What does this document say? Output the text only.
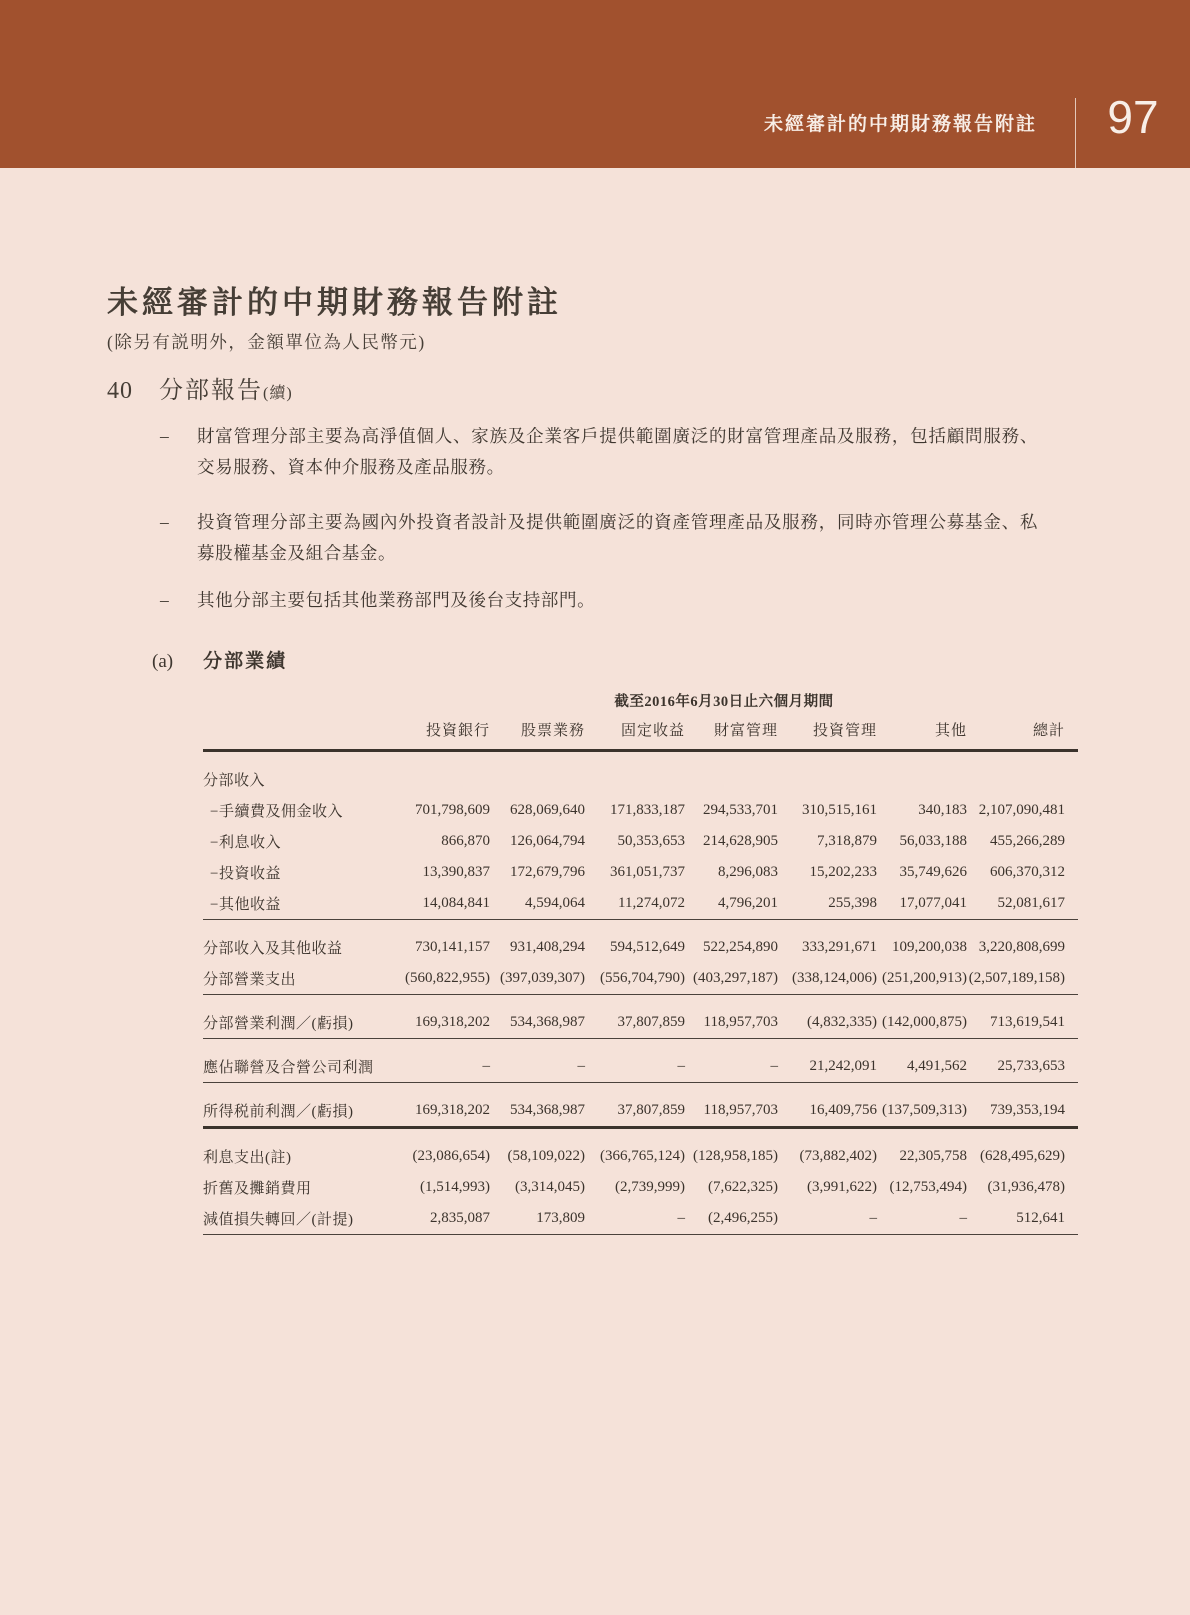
未經審計的中期財務報告附註	97
未經審計的中期財務報告附註
(除另有説明外，金額單位為人民幣元)
40 分部報告(續)
–	財富管理分部主要為高淨值個人、家族及企業客戶提供範圍廣泛的財富管理產品及服務，包括顧問服務、交易服務、資本仲介服務及產品服務。
–	投資管理分部主要為國內外投資者設計及提供範圍廣泛的資產管理產品及服務，同時亦管理公募基金、私募股權基金及組合基金。
–	其他分部主要包括其他業務部門及後台支持部門。
(a) 分部業績
截至2016年6月30日止六個月期間
	投資銀行	股票業務	固定收益	財富管理	投資管理	其他	總計

分部收入							
−手續費及佣金收入	701,798,609	628,069,640	171,833,187	294,533,701	310,515,161	340,183	2,107,090,481
−利息收入	866,870	126,064,794	50,353,653	214,628,905	7,318,879	56,033,188	455,266,289
−投資收益	13,390,837	172,679,796	361,051,737	8,296,083	15,202,233	35,749,626	606,370,312
−其他收益	14,084,841	4,594,064	11,274,072	4,796,201	255,398	17,077,041	52,081,617

分部收入及其他收益	730,141,157	931,408,294	594,512,649	522,254,890	333,291,671	109,200,038	3,220,808,699
分部營業支出	(560,822,955)	(397,039,307)	(556,704,790)	(403,297,187)	(338,124,006)	(251,200,913)	(2,507,189,158)

分部營業利潤／(虧損)	169,318,202	534,368,987	37,807,859	118,957,703	(4,832,335)	(142,000,875)	713,619,541

應佔聯營及合營公司利潤	–	–	–	–	21,242,091	4,491,562	25,733,653

所得税前利潤／(虧損)	169,318,202	534,368,987	37,807,859	118,957,703	16,409,756	(137,509,313)	739,353,194

利息支出(註)	(23,086,654)	(58,109,022)	(366,765,124)	(128,958,185)	(73,882,402)	22,305,758	(628,495,629)
折舊及攤銷費用	(1,514,993)	(3,314,045)	(2,739,999)	(7,622,325)	(3,991,622)	(12,753,494)	(31,936,478)
減值損失轉回／(計提)	2,835,087	173,809	–	(2,496,255)	–	–	512,641
